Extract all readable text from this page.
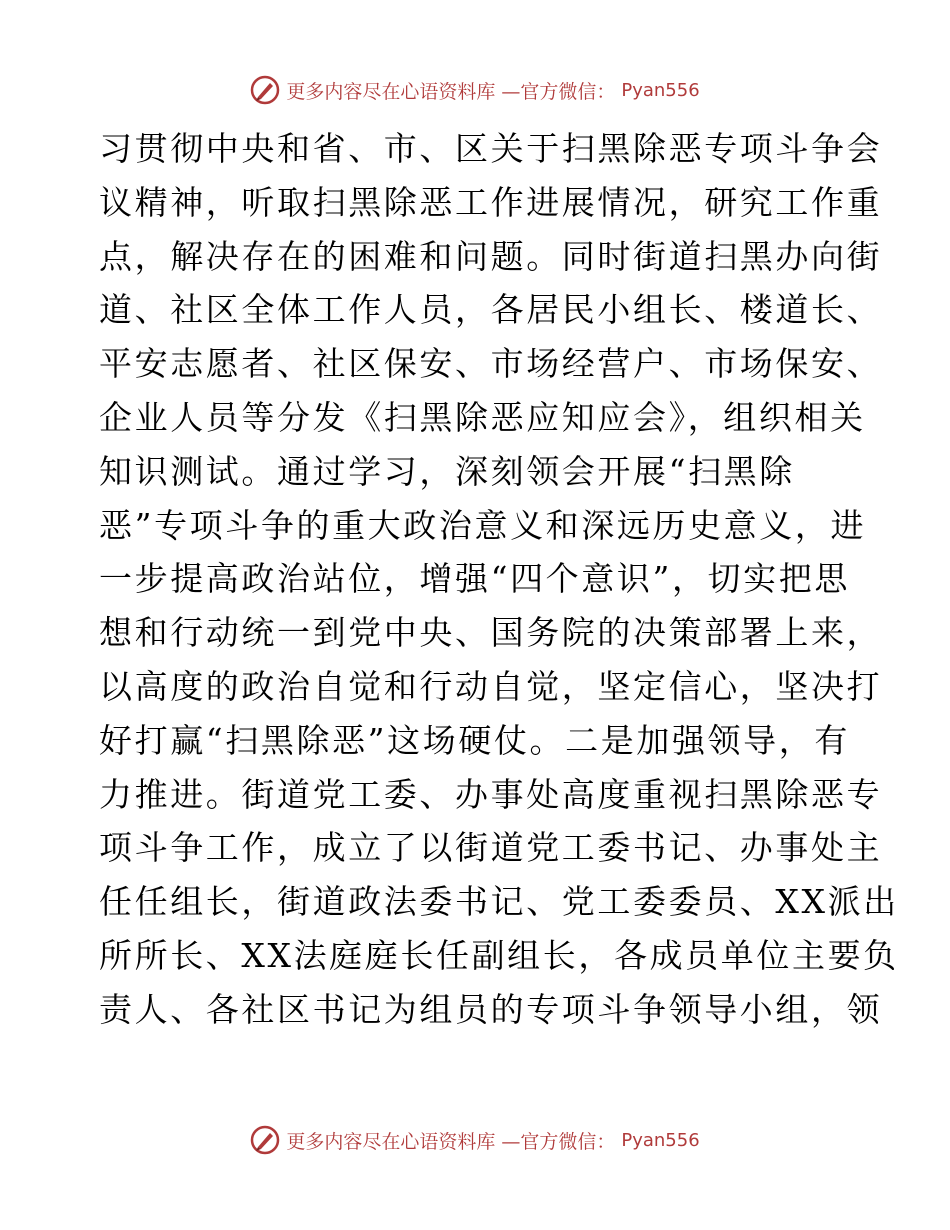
更多内容尽在心语资料库 —官方微信： Pyan556
习贯彻中央和省、市、区关于扫黑除恶专项斗争会
议精神，听取扫黑除恶工作进展情况，研究工作重
点，解决存在的困难和问题。同时街道扫黑办向街
道、社区全体工作人员，各居民小组长、楼道长、
平安志愿者、社区保安、市场经营户、市场保安、
企业人员等分发《扫黑除恶应知应会》，组织相关
知识测试。通过学习，深刻领会开展“扫黑除
恶”专项斗争的重大政治意义和深远历史意义，进
一步提高政治站位，增强“四个意识”，切实把思
想和行动统一到党中央、国务院的决策部署上来，
以高度的政治自觉和行动自觉，坚定信心，坚决打
好打赢“扫黑除恶”这场硬仗。二是加强领导，有
力推进。街道党工委、办事处高度重视扫黑除恶专
项斗争工作，成立了以街道党工委书记、办事处主
任任组长，街道政法委书记、党工委委员、XX派出
所所长、XX法庭庭长任副组长，各成员单位主要负
责人、各社区书记为组员的专项斗争领导小组，领
更多内容尽在心语资料库 —官方微信： Pyan556
